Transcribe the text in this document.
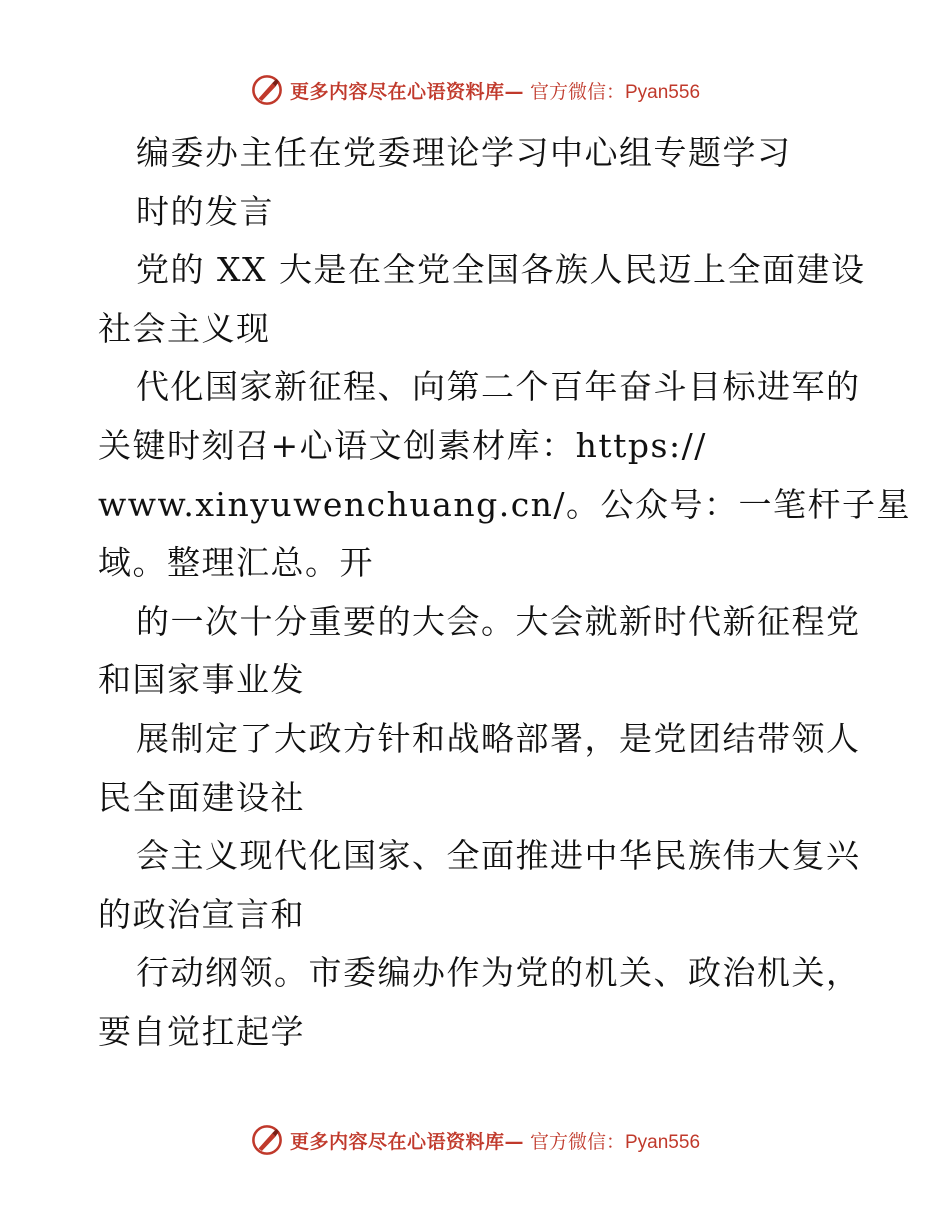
更多内容尽在心语资料库— 官方微信：Pyan556
编委办主任在党委理论学习中心组专题学习
时的发言
党的 XX 大是在全党全国各族人民迈上全面建设
社会主义现
代化国家新征程、向第二个百年奋斗目标进军的
关键时刻召+心语文创素材库：https://
www.xinyuwenchuang.cn/。公众号：一笔杆子星
域。整理汇总。开
的一次十分重要的大会。大会就新时代新征程党
和国家事业发
展制定了大政方针和战略部署，是党团结带领人
民全面建设社
会主义现代化国家、全面推进中华民族伟大复兴
的政治宣言和
行动纲领。市委编办作为党的机关、政治机关，
要自觉扛起学
更多内容尽在心语资料库— 官方微信：Pyan556
